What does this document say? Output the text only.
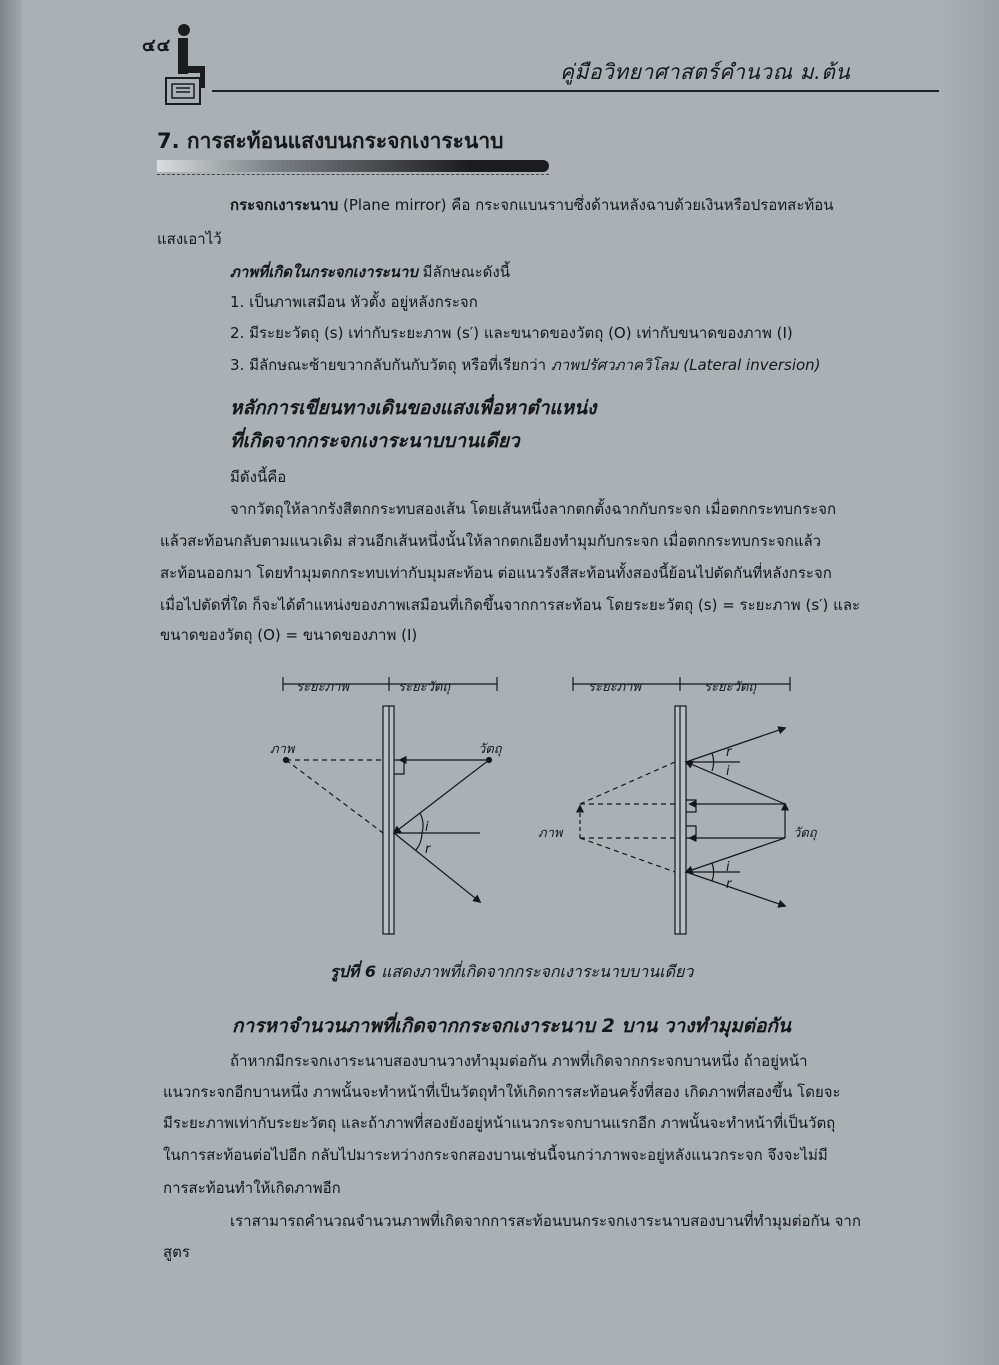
๔๔
คู่มือวิทยาศาสตร์คำนวณ ม.ต้น
7. การสะท้อนแสงบนกระจกเงาระนาบ
กระจกเงาระนาบ (Plane mirror) คือ กระจกแบนราบซึ่งด้านหลังฉาบด้วยเงินหรือปรอทสะท้อน
แสงเอาไว้
ภาพที่เกิดในกระจกเงาระนาบ มีลักษณะดังนี้
1. เป็นภาพเสมือน หัวตั้ง อยู่หลังกระจก
2. มีระยะวัตถุ (s) เท่ากับระยะภาพ (s′) และขนาดของวัตถุ (O) เท่ากับขนาดของภาพ (I)
3. มีลักษณะซ้ายขวากลับกันกับวัตถุ หรือที่เรียกว่า ภาพปรัศวภาควิโลม (Lateral inversion)
หลักการเขียนทางเดินของแสงเพื่อหาตำแหน่ง
ที่เกิดจากกระจกเงาระนาบบานเดียว
มีดังนี้คือ
จากวัตถุให้ลากรังสีตกกระทบสองเส้น โดยเส้นหนึ่งลากตกตั้งฉากกับกระจก เมื่อตกกระทบกระจก
แล้วสะท้อนกลับตามแนวเดิม ส่วนอีกเส้นหนึ่งนั้นให้ลากตกเอียงทำมุมกับกระจก เมื่อตกกระทบกระจกแล้ว
สะท้อนออกมา โดยทำมุมตกกระทบเท่ากับมุมสะท้อน ต่อแนวรังสีสะท้อนทั้งสองนี้ย้อนไปตัดกันที่หลังกระจก
เมื่อไปตัดที่ใด ก็จะได้ตำแหน่งของภาพเสมือนที่เกิดขึ้นจากการสะท้อน โดยระยะวัตถุ (s) = ระยะภาพ (s′) และ
ขนาดของวัตถุ (O) = ขนาดของภาพ (I)
ระยะภาพ	ระยะวัตถุ
ภาพ	วัตถุ
i
r
ระยะภาพ	ระยะวัตถุ
ภาพ	วัตถุ
r
i
i
r
รูปที่ 6 แสดงภาพที่เกิดจากกระจกเงาระนาบบานเดียว
การหาจำนวนภาพที่เกิดจากกระจกเงาระนาบ 2 บาน วางทำมุมต่อกัน
ถ้าหากมีกระจกเงาระนาบสองบานวางทำมุมต่อกัน ภาพที่เกิดจากกระจกบานหนึ่ง ถ้าอยู่หน้า
แนวกระจกอีกบานหนึ่ง ภาพนั้นจะทำหน้าที่เป็นวัตถุทำให้เกิดการสะท้อนครั้งที่สอง เกิดภาพที่สองขึ้น โดยจะ
มีระยะภาพเท่ากับระยะวัตถุ และถ้าภาพที่สองยังอยู่หน้าแนวกระจกบานแรกอีก ภาพนั้นจะทำหน้าที่เป็นวัตถุ
ในการสะท้อนต่อไปอีก กลับไปมาระหว่างกระจกสองบานเช่นนี้จนกว่าภาพจะอยู่หลังแนวกระจก จึงจะไม่มี
การสะท้อนทำให้เกิดภาพอีก
เราสามารถคำนวณจำนวนภาพที่เกิดจากการสะท้อนบนกระจกเงาระนาบสองบานที่ทำมุมต่อกัน จาก
สูตร
